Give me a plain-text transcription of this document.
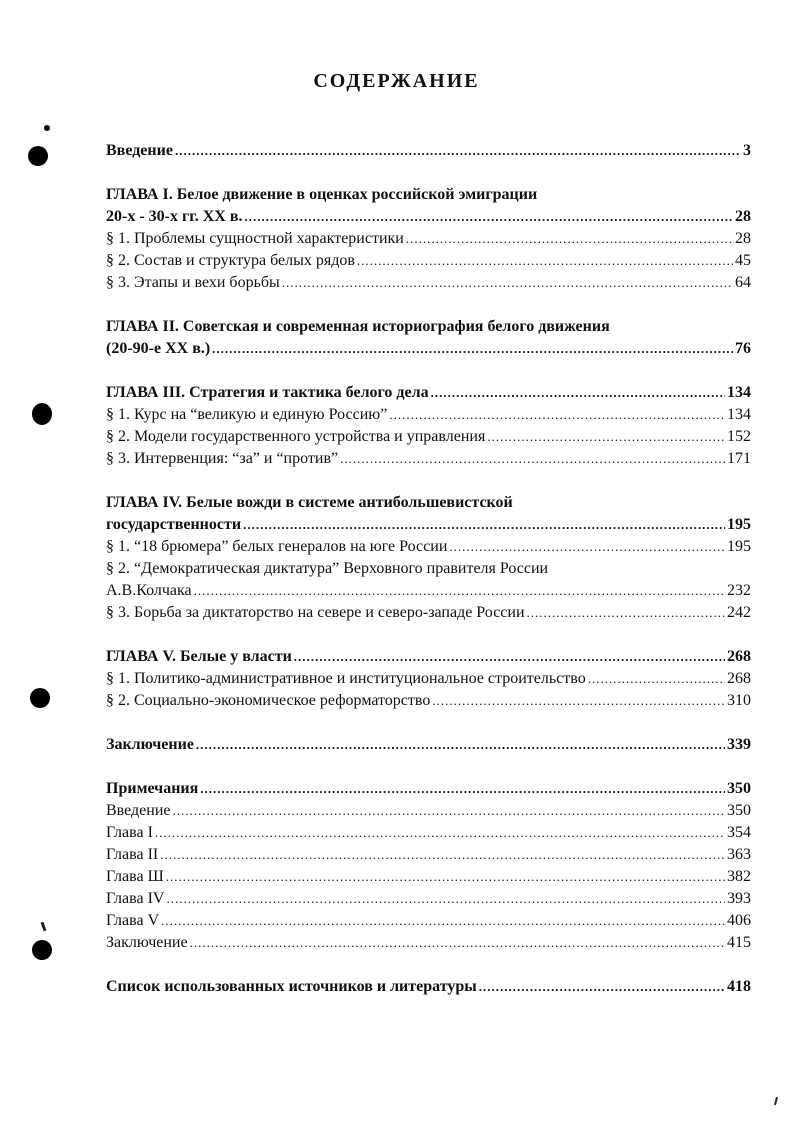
СОДЕРЖАНИЕ
Введение .....	3
ГЛАВА I. Белое движение в оценках российской эмиграции
20-х - 30-х гг. XX в. .....	28
§ 1. Проблемы сущностной характеристики .....	28
§ 2. Состав и структура белых рядов .....	45
§ 3. Этапы и вехи борьбы .....	64
ГЛАВА II. Советская и современная историография белого движения
(20-90-е XX в.) .....	76
ГЛАВА III. Стратегия и тактика белого дела .....	134
§ 1. Курс на “великую и единую Россию” .....	134
§ 2. Модели государственного устройства и управления .....	152
§ 3. Интервенция: “за” и “против” .....	171
ГЛАВА IV. Белые вожди в системе антибольшевистской
государственности .....	195
§ 1. “18 брюмера” белых генералов на юге России .....	195
§ 2. “Демократическая диктатура” Верховного правителя России
А.В.Колчака .....	232
§ 3. Борьба за диктаторство на севере и северо-западе России .....	242
ГЛАВА V. Белые у власти .....	268
§ 1. Политико-административное и институциональное строительство .....	268
§ 2. Социально-экономическое реформаторство .....	310
Заключение .....	339
Примечания .....	350
Введение .....	350
Глава I .....	354
Глава II .....	363
Глава Ш .....	382
Глава IV .....	393
Глава V .....	406
Заключение .....	415
Список использованных источников и литературы .....	418
